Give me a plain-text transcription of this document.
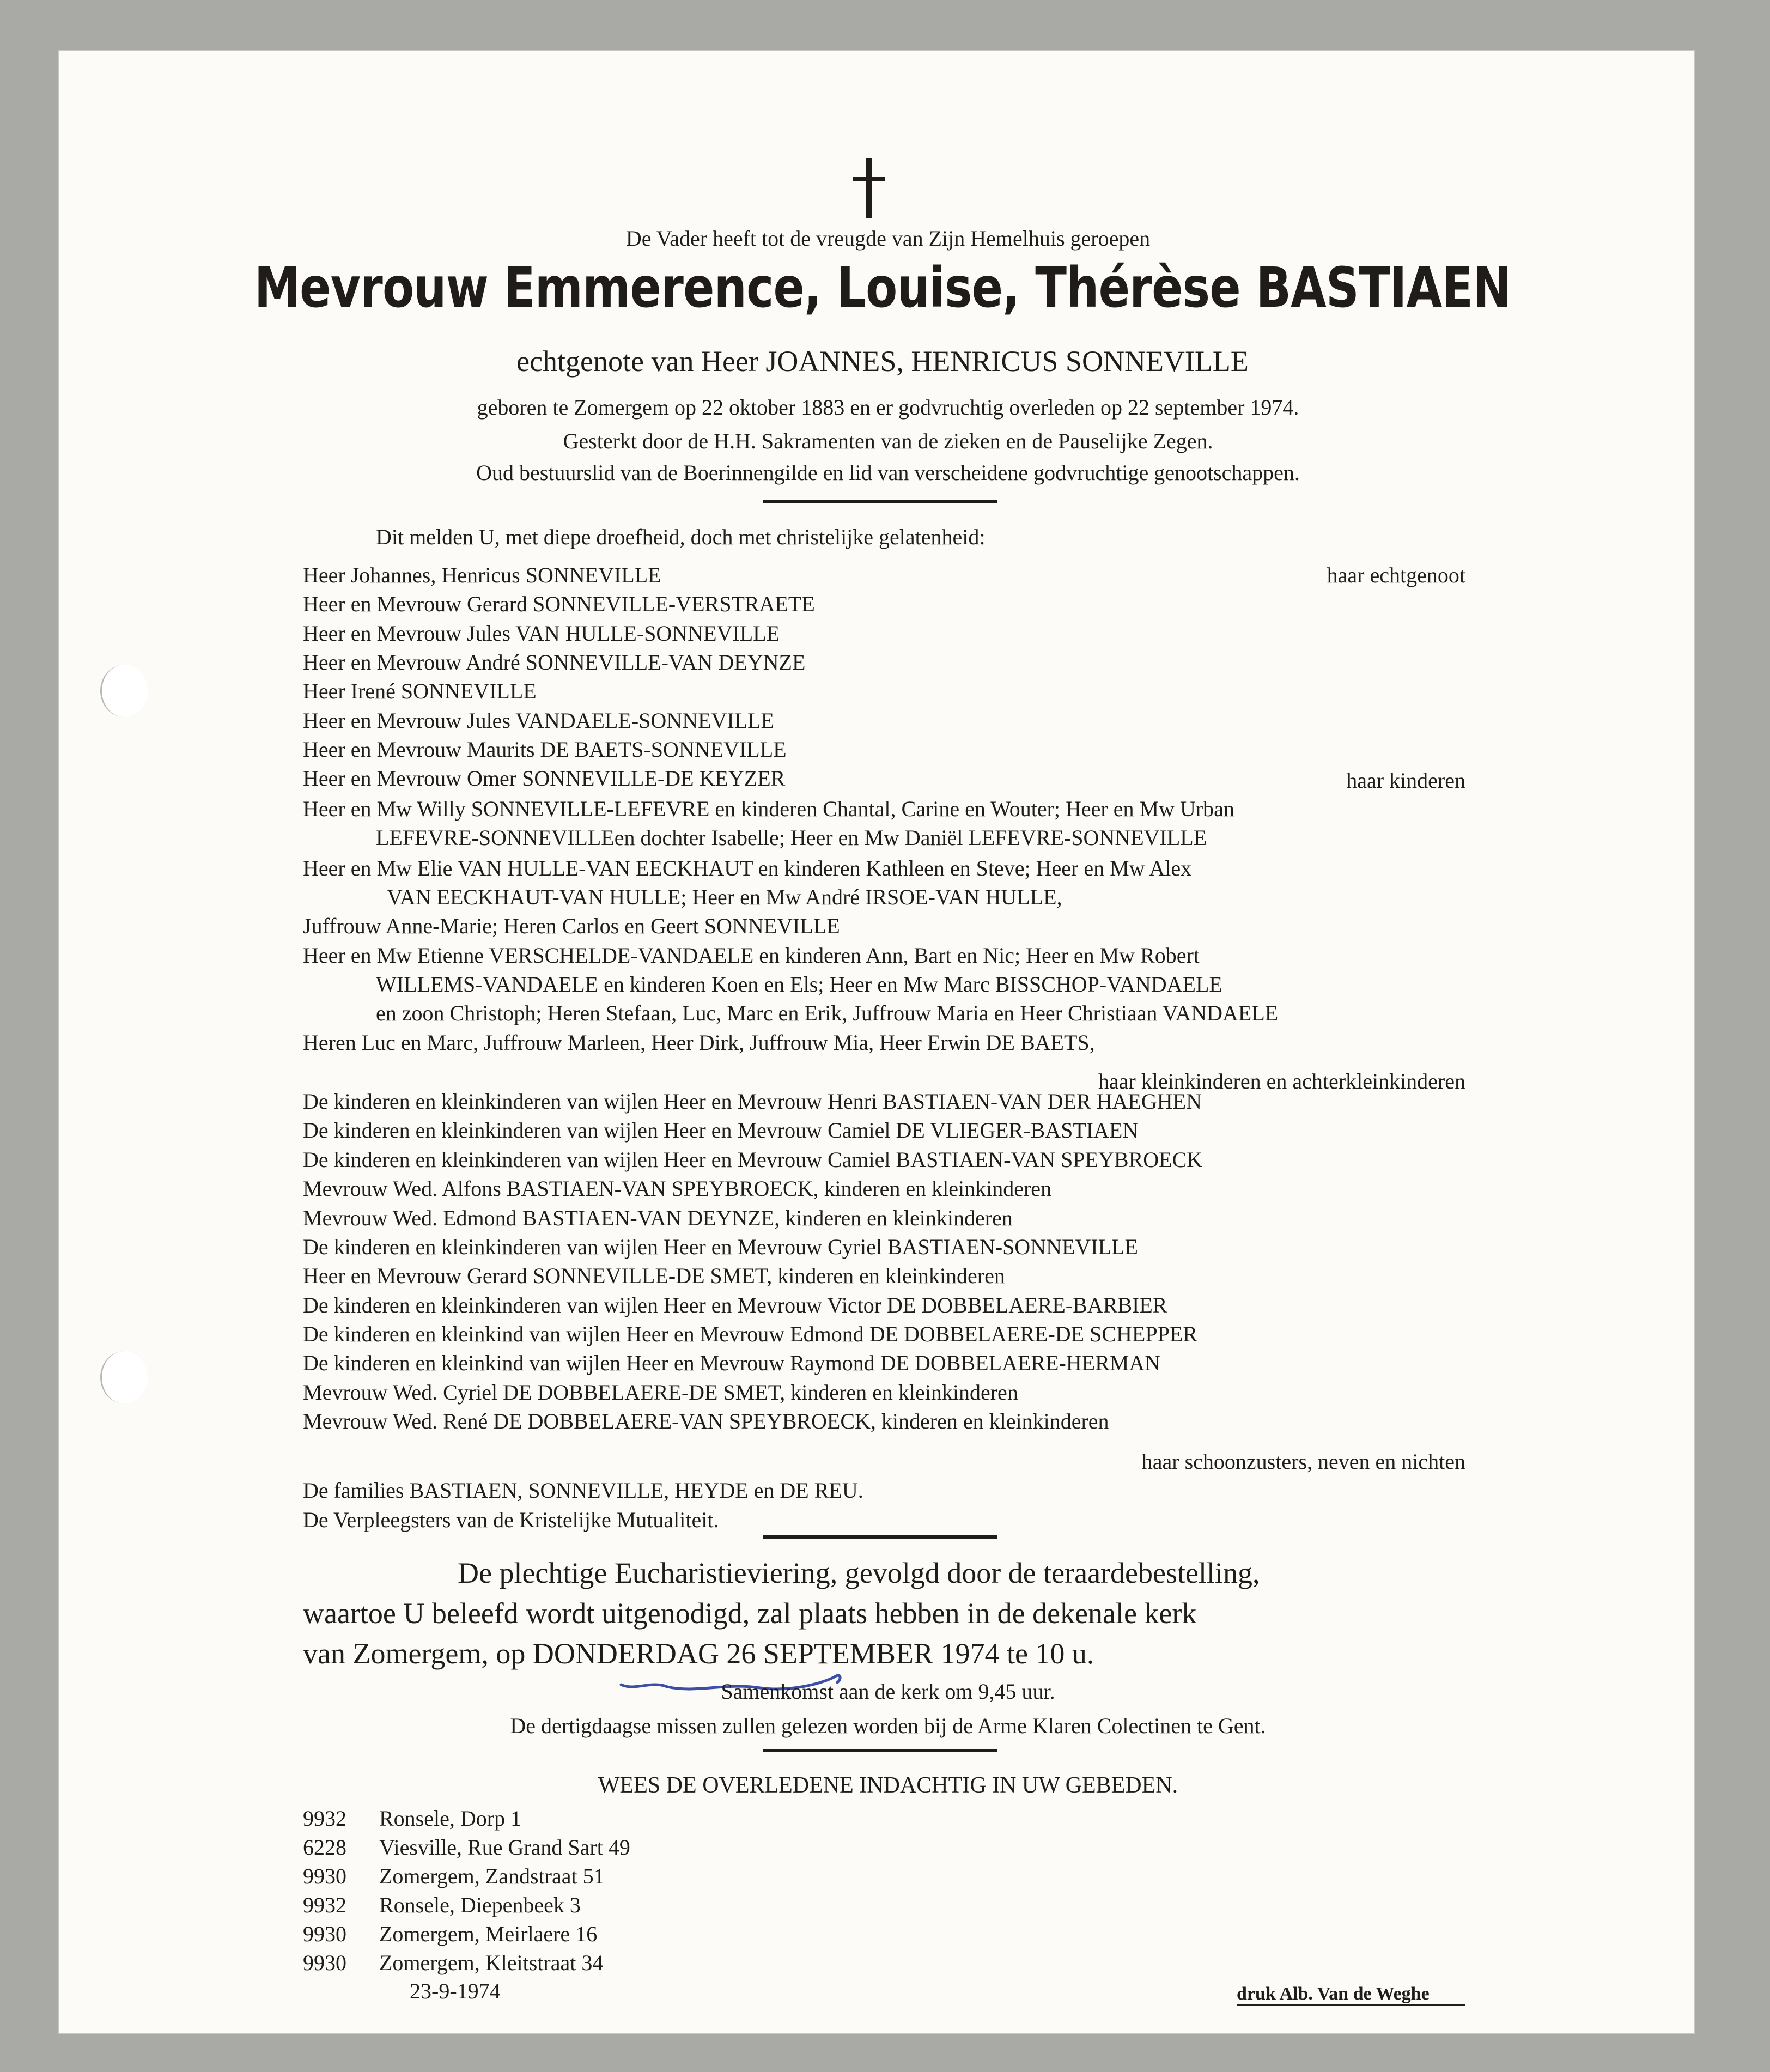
De Vader heeft tot de vreugde van Zijn Hemelhuis geroepen
Mevrouw Emmerence, Louise, Thérèse BASTIAEN
echtgenote van Heer JOANNES, HENRICUS SONNEVILLE
geboren te Zomergem op 22 oktober 1883 en er godvruchtig overleden op 22 september 1974.
Gesterkt door de H.H. Sakramenten van de zieken en de Pauselijke Zegen.
Oud bestuurslid van de Boerinnengilde en lid van verscheidene godvruchtige genootschappen.
Dit melden U, met diepe droefheid, doch met christelijke gelatenheid:
Heer Johannes, Henricus SONNEVILLE
Heer en Mevrouw Gerard SONNEVILLE-VERSTRAETE
Heer en Mevrouw Jules VAN HULLE-SONNEVILLE
Heer en Mevrouw André SONNEVILLE-VAN DEYNZE
Heer Irené SONNEVILLE
Heer en Mevrouw Jules VANDAELE-SONNEVILLE
Heer en Mevrouw Maurits DE BAETS-SONNEVILLE
Heer en Mevrouw Omer SONNEVILLE-DE KEYZER
Heer en Mw Willy SONNEVILLE-LEFEVRE en kinderen Chantal, Carine en Wouter; Heer en Mw Urban
LEFEVRE-SONNEVILLEen dochter Isabelle; Heer en Mw Daniël LEFEVRE-SONNEVILLE
Heer en Mw Elie VAN HULLE-VAN EECKHAUT en kinderen Kathleen en Steve; Heer en Mw Alex
VAN EECKHAUT-VAN HULLE; Heer en Mw André IRSOE-VAN HULLE,
Juffrouw Anne-Marie; Heren Carlos en Geert SONNEVILLE
Heer en Mw Etienne VERSCHELDE-VANDAELE en kinderen Ann, Bart en Nic; Heer en Mw Robert
WILLEMS-VANDAELE en kinderen Koen en Els; Heer en Mw Marc BISSCHOP-VANDAELE
en zoon Christoph; Heren Stefaan, Luc, Marc en Erik, Juffrouw Maria en Heer Christiaan VANDAELE
Heren Luc en Marc, Juffrouw Marleen, Heer Dirk, Juffrouw Mia, Heer Erwin DE BAETS,
De kinderen en kleinkinderen van wijlen Heer en Mevrouw Henri BASTIAEN-VAN DER HAEGHEN
De kinderen en kleinkinderen van wijlen Heer en Mevrouw Camiel DE VLIEGER-BASTIAEN
De kinderen en kleinkinderen van wijlen Heer en Mevrouw Camiel BASTIAEN-VAN SPEYBROECK
Mevrouw Wed. Alfons BASTIAEN-VAN SPEYBROECK, kinderen en kleinkinderen
Mevrouw Wed. Edmond BASTIAEN-VAN DEYNZE, kinderen en kleinkinderen
De kinderen en kleinkinderen van wijlen Heer en Mevrouw Cyriel BASTIAEN-SONNEVILLE
Heer en Mevrouw Gerard SONNEVILLE-DE SMET, kinderen en kleinkinderen
De kinderen en kleinkinderen van wijlen Heer en Mevrouw Victor DE DOBBELAERE-BARBIER
De kinderen en kleinkind van wijlen Heer en Mevrouw Edmond DE DOBBELAERE-DE SCHEPPER
De kinderen en kleinkind van wijlen Heer en Mevrouw Raymond DE DOBBELAERE-HERMAN
Mevrouw Wed. Cyriel DE DOBBELAERE-DE SMET, kinderen en kleinkinderen
Mevrouw Wed. René DE DOBBELAERE-VAN SPEYBROECK, kinderen en kleinkinderen
De families BASTIAEN, SONNEVILLE, HEYDE en DE REU.
De Verpleegsters van de Kristelijke Mutualiteit.
haar echtgenoot
haar kinderen
haar kleinkinderen en achterkleinkinderen
haar schoonzusters, neven en nichten
De plechtige Eucharistieviering, gevolgd door de teraardebestelling,
waartoe U beleefd wordt uitgenodigd, zal plaats hebben in de dekenale kerk
van Zomergem, op DONDERDAG 26 SEPTEMBER 1974 te 10 u.
Samenkomst aan de kerk om 9,45 uur.
De dertigdaagse missen zullen gelezen worden bij de Arme Klaren Colectinen te Gent.
WEES DE OVERLEDENE INDACHTIG IN UW GEBEDEN.
9932 Ronsele, Dorp 1
6228 Viesville, Rue Grand Sart 49
9930 Zomergem, Zandstraat 51
9932 Ronsele, Diepenbeek 3
9930 Zomergem, Meirlaere 16
9930 Zomergem, Kleitstraat 34
23-9-1974	druk Alb. Van de Weghe
